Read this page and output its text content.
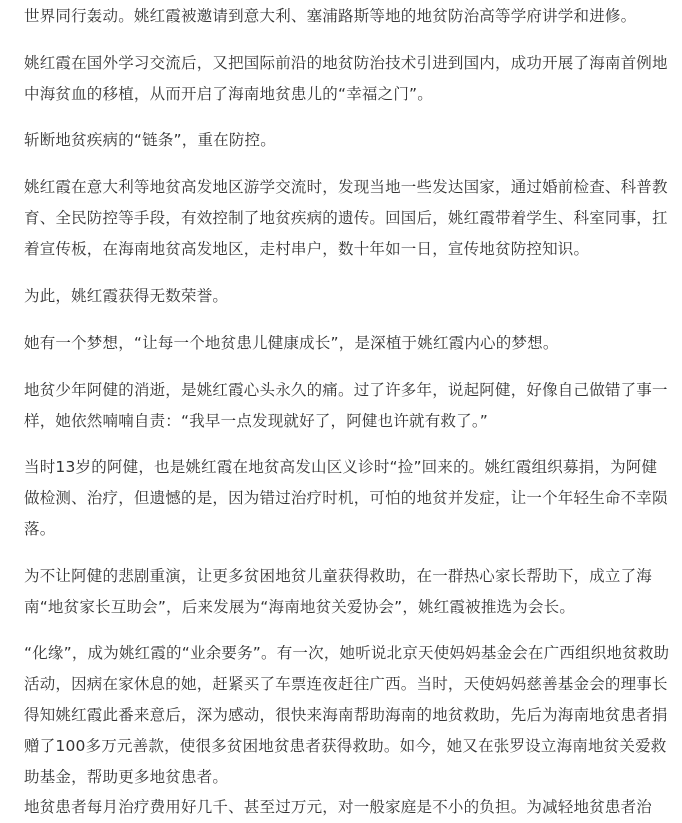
世界同行轰动。姚红霞被邀请到意大利、塞浦路斯等地的地贫防治高等学府讲学和进修。

姚红霞在国外学习交流后，又把国际前沿的地贫防治技术引进到国内，成功开展了海南首例地中海贫血的移植，从而开启了海南地贫患儿的“幸福之门”。

斩断地贫疾病的“链条”，重在防控。

姚红霞在意大利等地贫高发地区游学交流时，发现当地一些发达国家，通过婚前检查、科普教育、全民防控等手段，有效控制了地贫疾病的遗传。回国后，姚红霞带着学生、科室同事，扛着宣传板，在海南地贫高发地区，走村串户，数十年如一日，宣传地贫防控知识。

为此，姚红霞获得无数荣誉。

她有一个梦想，“让每一个地贫患儿健康成长”，是深植于姚红霞内心的梦想。

地贫少年阿健的消逝，是姚红霞心头永久的痛。过了许多年，说起阿健，好像自己做错了事一样，她依然喃喃自责：“我早一点发现就好了，阿健也许就有救了。”

当时13岁的阿健，也是姚红霞在地贫高发山区义诊时“捡”回来的。姚红霞组织募捐，为阿健做检测、治疗，但遗憾的是，因为错过治疗时机，可怕的地贫并发症，让一个年轻生命不幸陨落。

为不让阿健的悲剧重演，让更多贫困地贫儿童获得救助，在一群热心家长帮助下，成立了海南“地贫家长互助会”，后来发展为“海南地贫关爱协会”，姚红霞被推选为会长。

“化缘”，成为姚红霞的“业余要务”。有一次，她听说北京天使妈妈基金会在广西组织地贫救助活动，因病在家休息的她，赶紧买了车票连夜赶往广西。当时，天使妈妈慈善基金会的理事长得知姚红霞此番来意后，深为感动，很快来海南帮助海南的地贫救助，先后为海南地贫患者捐赠了100多万元善款，使很多贫困地贫患者获得救助。如今，她又在张罗设立海南地贫关爱救助基金，帮助更多地贫患者。

地贫患者每月治疗费用好几千、甚至过万元，对一般家庭是不小的负担。为减轻地贫患者治
